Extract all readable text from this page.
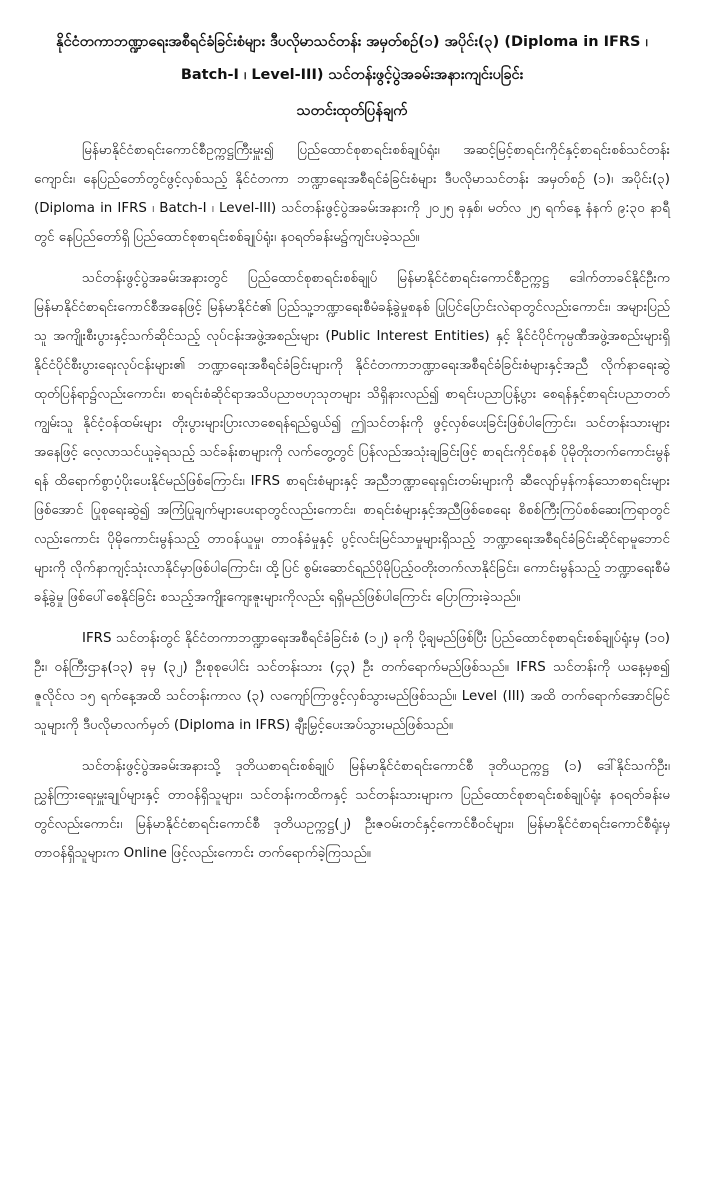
နိုင်ငံတကာဘဏ္ဍာရေးအစီရင်ခံခြင်းစံများ ဒီပလိုမာသင်တန်း အမှတ်စဉ်(၁) အပိုင်း(၃) (Diploma in IFRS ၊ Batch-I ၊ Level-III) သင်တန်းဖွင့်ပွဲအခမ်းအနားကျင်းပခြင်း
သတင်းထုတ်ပြန်ချက်

မြန်မာနိုင်ငံစာရင်းကောင်စီဥက္ကဋ္ဌကြီးမှူး၍ ပြည်ထောင်စုစာရင်းစစ်ချုပ်ရုံး၊ အဆင့်မြင့်စာရင်းကိုင်နှင့်စာရင်းစစ်သင်တန်းကျောင်း၊ နေပြည်တော်တွင်ဖွင့်လှစ်သည့် နိုင်ငံတကာ ဘဏ္ဍာရေးအစီရင်ခံခြင်းစံများ ဒီပလိုမာသင်တန်း အမှတ်စဉ် (၁)၊ အပိုင်း(၃) (Diploma in IFRS ၊ Batch-I ၊ Level-III) သင်တန်းဖွင့်ပွဲအခမ်းအနားကို ၂၀၂၅ ခုနှစ်၊ မတ်လ ၂၅ ရက်နေ့ နံနက် ၉:၃၀ နာရီတွင် နေပြည်တော်ရှိ ပြည်ထောင်စုစာရင်းစစ်ချုပ်ရုံး၊ နဝရတ်ခန်းမ၌ကျင်းပခဲ့သည်။

သင်တန်းဖွင့်ပွဲအခမ်းအနားတွင် ပြည်ထောင်စုစာရင်းစစ်ချုပ် မြန်မာနိုင်ငံစာရင်းကောင်စီဥက္ကဋ္ဌ ဒေါက်တာခင်နိုင်ဦးက မြန်မာနိုင်ငံစာရင်းကောင်စီအနေဖြင့် မြန်မာနိုင်ငံ၏ ပြည်သူ့ဘဏ္ဍာရေးစီမံခန့်ခွဲမှုစနစ် ပြုပြင်ပြောင်းလဲရာတွင်လည်းကောင်း၊ အများပြည်သူ အကျိုးစီးပွားနှင့်သက်ဆိုင်သည့် လုပ်ငန်းအဖွဲ့အစည်းများ (Public Interest Entities) နှင့် နိုင်ငံပိုင်ကုမ္ပဏီအဖွဲ့အစည်းများရှိ နိုင်ငံပိုင်စီးပွားရေးလုပ်ငန်းများ၏ ဘဏ္ဍာရေးအစီရင်ခံခြင်းများကို နိုင်ငံတကာဘဏ္ဍာရေးအစီရင်ခံခြင်းစံများနှင့်အညီ လိုက်နာရေးဆွဲထုတ်ပြန်ရာ၌လည်းကောင်း၊ စာရင်းစံဆိုင်ရာအသိပညာဗဟုသုတများ သိရှိနားလည်၍ စာရင်းပညာပြန့်ပွား စေရန်နှင့်စာရင်းပညာတတ်ကျွမ်းသူ နိုင်ငံ့ဝန်ထမ်းများ တိုးပွားများပြားလာစေရန်ရည်ရွယ်၍ ဤသင်တန်းကို ဖွင့်လှစ်ပေးခြင်းဖြစ်ပါကြောင်း၊ သင်တန်းသားများအနေဖြင့် လေ့လာသင်ယူခဲ့ရသည့် သင်ခန်းစာများကို လက်တွေ့တွင် ပြန်လည်အသုံးချခြင်းဖြင့် စာရင်းကိုင်စနစ် ပိုမိုတိုးတက်ကောင်းမွန်ရန် ထိရောက်စွာပံ့ပိုးပေးနိုင်မည်ဖြစ်ကြောင်း၊ IFRS စာရင်းစံများနှင့် အညီဘဏ္ဍာရေးရှင်းတမ်းများကို ဆီလျော်မှန်ကန်သောစာရင်းများဖြစ်အောင် ပြုစုရေးဆွဲ၍ အကြံပြုချက်များပေးရာတွင်လည်းကောင်း၊ စာရင်းစံများနှင့်အညီဖြစ်စေရေး စိစစ်ကြီးကြပ်စစ်ဆေးကြရာတွင်လည်းကောင်း ပိုမိုကောင်းမွန်သည့် တာဝန်ယူမှု၊ တာဝန်ခံမှုနှင့် ပွင့်လင်းမြင်သာမှုများရှိသည့် ဘဏ္ဍာရေးအစီရင်ခံခြင်းဆိုင်ရာမူဘောင်များကို လိုက်နာကျင့်သုံးလာနိုင်မှာဖြစ်ပါကြောင်း၊ ထို့ပြင် စွမ်းဆောင်ရည်ပိုမိုပြည့်ဝတိုးတက်လာနိုင်ခြင်း၊ ကောင်းမွန်သည့် ဘဏ္ဍာရေးစီမံခန့်ခွဲမှု ဖြစ်ပေါ်စေနိုင်ခြင်း စသည့်အကျိုးကျေးဇူးများကိုလည်း ရရှိမည်ဖြစ်ပါကြောင်း ပြောကြားခဲ့သည်။

IFRS သင်တန်းတွင် နိုင်ငံတကာဘဏ္ဍာရေးအစီရင်ခံခြင်းစံ (၁၂) ခုကို ပို့ချမည်ဖြစ်ပြီး ပြည်ထောင်စုစာရင်းစစ်ချုပ်ရုံးမှ (၁၀) ဦး၊ ဝန်ကြီးဌာန(၁၃) ခုမှ (၃၂) ဦးစုစုပေါင်း သင်တန်းသား (၄၃) ဦး တက်ရောက်မည်ဖြစ်သည်။ IFRS သင်တန်းကို ယနေ့မှစ၍ ဇူလိုင်လ ၁၅ ရက်နေ့အထိ သင်တန်းကာလ (၃) လကျော်ကြာဖွင့်လှစ်သွားမည်ဖြစ်သည်။ Level (III) အထိ တက်ရောက်အောင်မြင်သူများကို ဒီပလိုမာလက်မှတ် (Diploma in IFRS) ချီးမြှင့်ပေးအပ်သွားမည်ဖြစ်သည်။

သင်တန်းဖွင့်ပွဲအခမ်းအနားသို့ ဒုတိယစာရင်းစစ်ချုပ် မြန်မာနိုင်ငံစာရင်းကောင်စီ ဒုတိယဥက္ကဋ္ဌ (၁) ဒေါ်နိုင်သက်ဦး၊ ညွှန်ကြားရေးမှူးချုပ်များနှင့် တာဝန်ရှိသူများ၊ သင်တန်းကထိကနှင့် သင်တန်းသားများက ပြည်ထောင်စုစာရင်းစစ်ချုပ်ရုံး နဝရတ်ခန်းမတွင်လည်းကောင်း၊ မြန်မာနိုင်ငံစာရင်းကောင်စီ ဒုတိယဥက္ကဋ္ဌ(၂) ဦးဇဝမ်းတင်နှင့်ကောင်စီဝင်များ၊ မြန်မာနိုင်ငံစာရင်းကောင်စီရုံးမှ တာဝန်ရှိသူများက Online ဖြင့်လည်းကောင်း တက်ရောက်ခဲ့ကြသည်။
